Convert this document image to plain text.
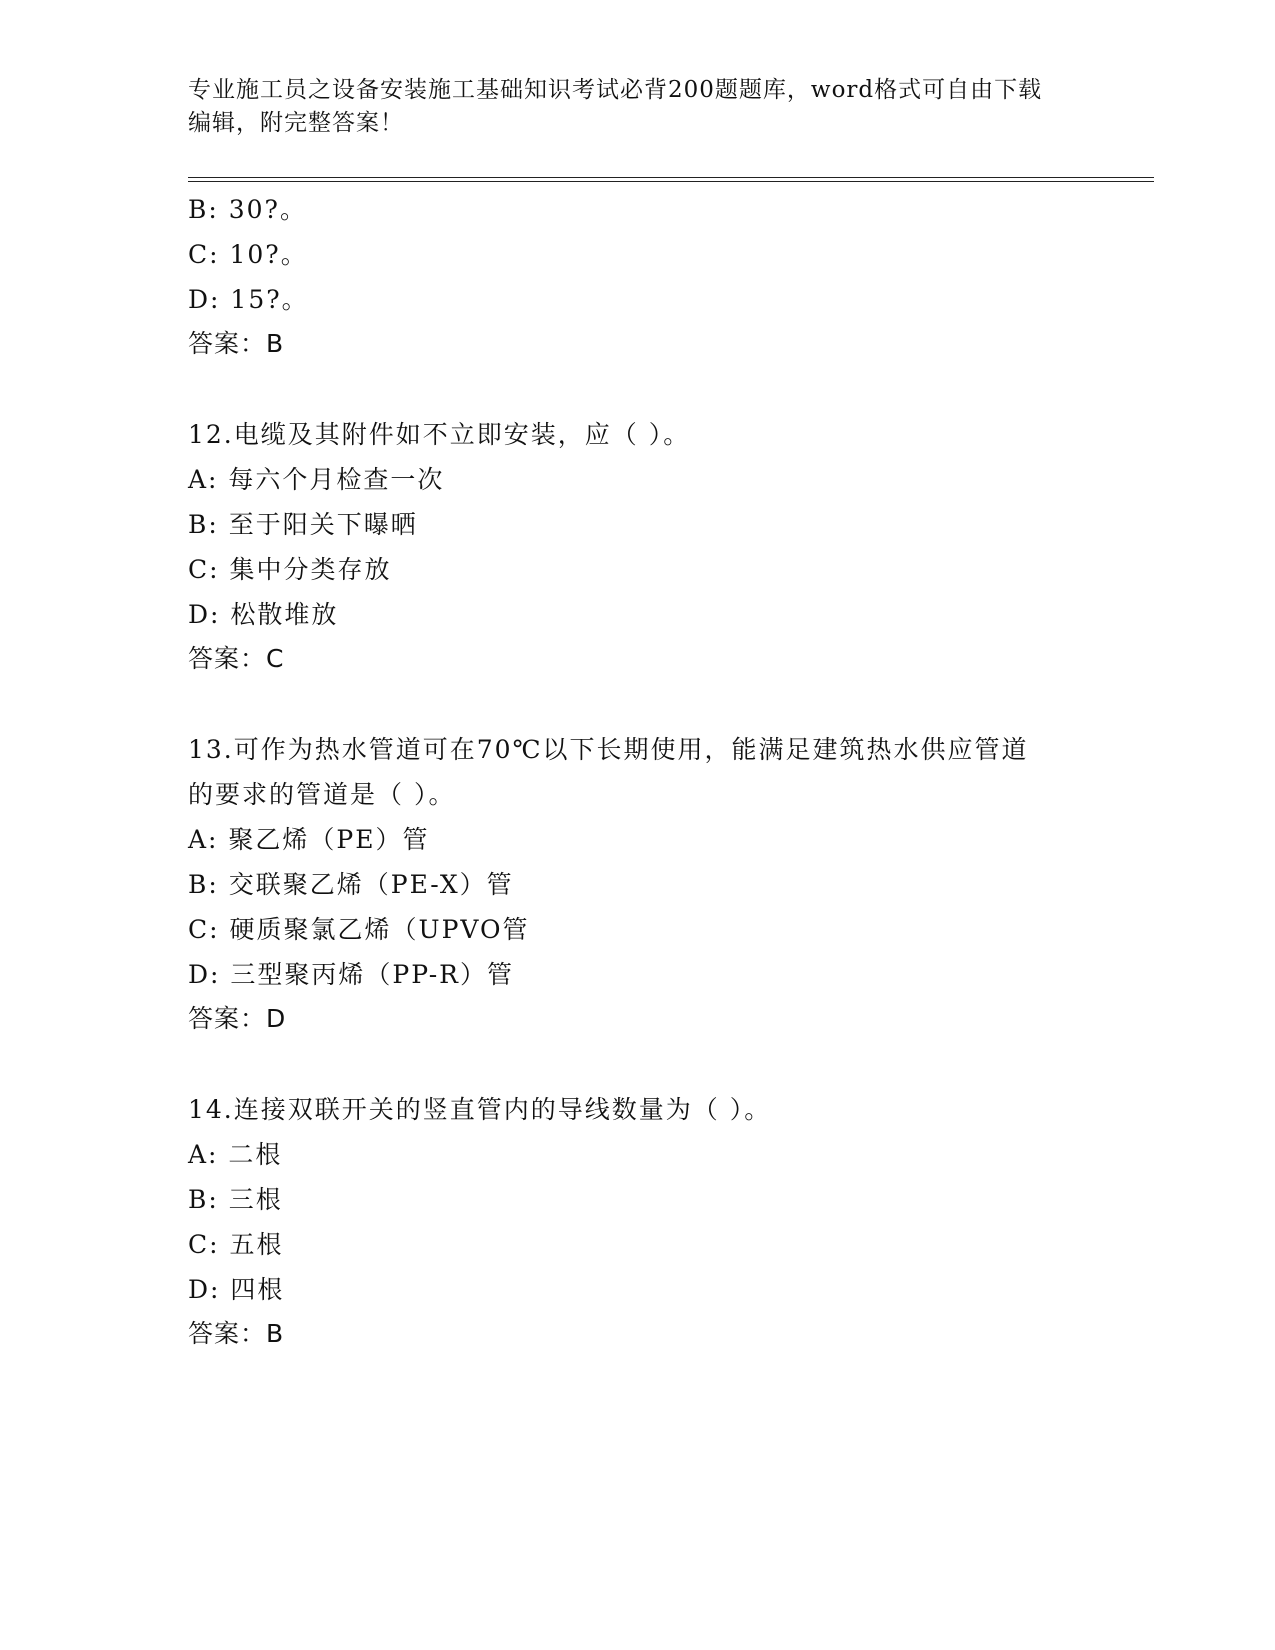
专业施工员之设备安装施工基础知识考试必背200题题库，word格式可自由下载
编辑，附完整答案！
B: 30?。
C: 10?。
D: 15?。
答案：B
12.电缆及其附件如不立即安装，应（ ）。
A: 每六个月检查一次
B: 至于阳关下曝晒
C: 集中分类存放
D: 松散堆放
答案：C
13.可作为热水管道可在70℃以下长期使用，能满足建筑热水供应管道
的要求的管道是（ ）。
A: 聚乙烯（PE）管
B: 交联聚乙烯（PE-X）管
C: 硬质聚氯乙烯（UPVO管
D: 三型聚丙烯（PP-R）管
答案：D
14.连接双联开关的竖直管内的导线数量为（ ）。
A: 二根
B: 三根
C: 五根
D: 四根
答案：B
